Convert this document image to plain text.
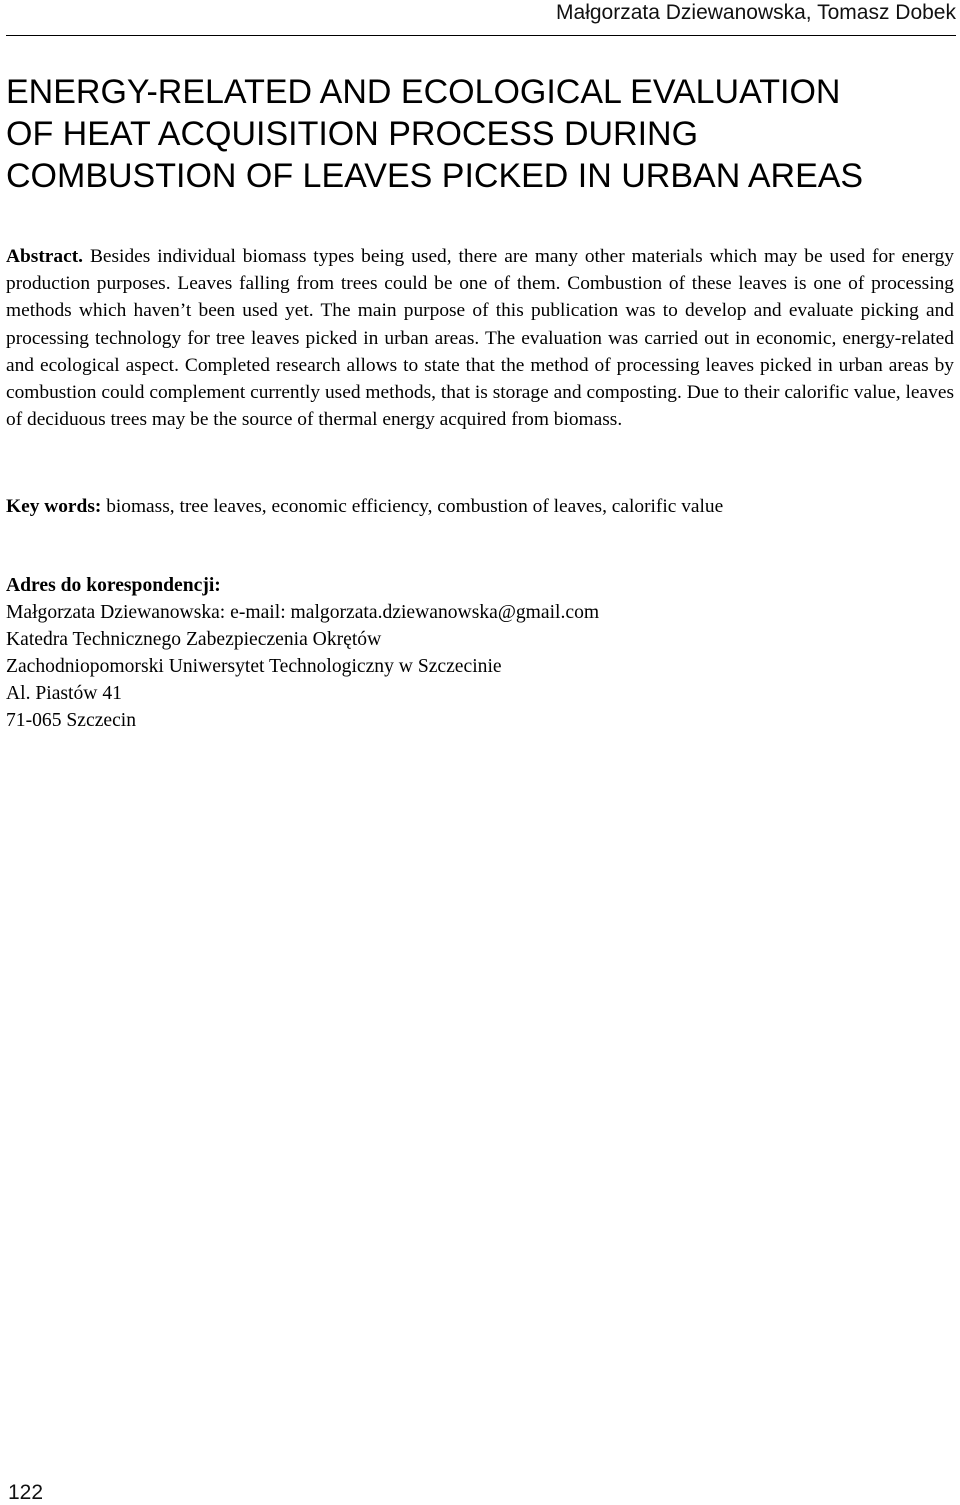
Małgorzata Dziewanowska, Tomasz Dobek
ENERGY-RELATED AND ECOLOGICAL EVALUATION
OF HEAT ACQUISITION PROCESS DURING
COMBUSTION OF LEAVES PICKED IN URBAN AREAS

Abstract. Besides individual biomass types being used, there are many other materials which may be used for energy production purposes. Leaves falling from trees could be one of them. Combustion of these leaves is one of processing methods which haven’t been used yet. The main purpose of this publication was to develop and evaluate picking and processing technology for tree leaves picked in urban areas. The evaluation was carried out in economic, energy-related and ecological aspect. Completed research allows to state that the method of processing leaves picked in urban areas by combustion could complement currently used methods, that is storage and composting. Due to their calorific value, leaves of deciduous trees may be the source of thermal energy acquired from biomass.

Key words: biomass, tree leaves, economic efficiency, combustion of leaves, calorific value

Adres do korespondencji:
Małgorzata Dziewanowska: e-mail: malgorzata.dziewanowska@gmail.com
Katedra Technicznego Zabezpieczenia Okrętów
Zachodniopomorski Uniwersytet Technologiczny w Szczecinie
Al. Piastów 41
71-065 Szczecin
122
